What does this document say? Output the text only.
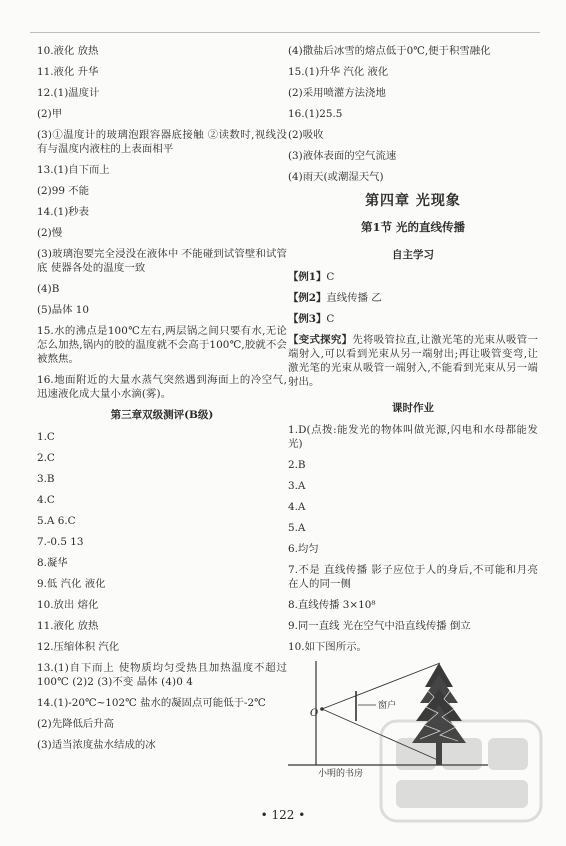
10.液化 放热

11.液化 升华

12.(1)温度计

(2)甲

(3)①温度计的玻璃泡跟容器底接触 ②读数时,视线没有与温度内液柱的上表面相平

13.(1)自下而上

(2)99 不能

14.(1)秒表

(2)慢

(3)玻璃泡要完全浸没在液体中 不能碰到试管壁和试管底 使器各处的温度一致

(4)B

(5)晶体 10

15.水的沸点是100℃左右,两层锅之间只要有水,无论怎么加热,锅内的胶的温度就不会高于100℃,胶就不会被熬焦。

16.地面附近的大量水蒸气突然遇到海面上的冷空气,迅速液化成大量小水滴(雾)。

第三章双级测评(B级)

1.C

2.C

3.B

4.C

5.A 6.C

7.-0.5 13

8.凝华

9.低 汽化 液化

10.放出 熔化

11.液化 放热

12.压缩体积 汽化

13.(1)自下而上 使物质均匀受热且加热温度不超过100℃ (2)2 (3)不变 晶体 (4)0 4

14.(1)-20℃~102℃ 盐水的凝固点可能低于-2℃

(2)先降低后升高

(3)适当浓度盐水结成的冰

(4)撒盐后冰雪的熔点低于0℃,便于积雪融化

15.(1)升华 汽化 液化

(2)采用喷灌方法浇地

16.(1)25.5

(2)吸收

(3)液体表面的空气流速

(4)雨天(或潮湿天气)

第四章 光现象
第1节 光的直线传播
自主学习

【例1】C

【例2】直线传播 乙

【例3】C

【变式探究】先将吸管拉直,让激光笔的光束从吸管一端射入,可以看到光束从另一端射出;再让吸管变弯,让激光笔的光束从吸管一端射入,不能看到光束从另一端射出。

课时作业

1.D(点拨:能发光的物体叫做光源,闪电和水母都能发光)

2.B

3.A

4.A

5.A

6.均匀

7.不是 直线传播 影子应位于人的身后,不可能和月亮在人的同一侧

8.直线传播 3×10⁸

9.同一直线 光在空气中沿直线传播 倒立

10.如下图所示。

O
窗户
小明的书房
• 122 •
